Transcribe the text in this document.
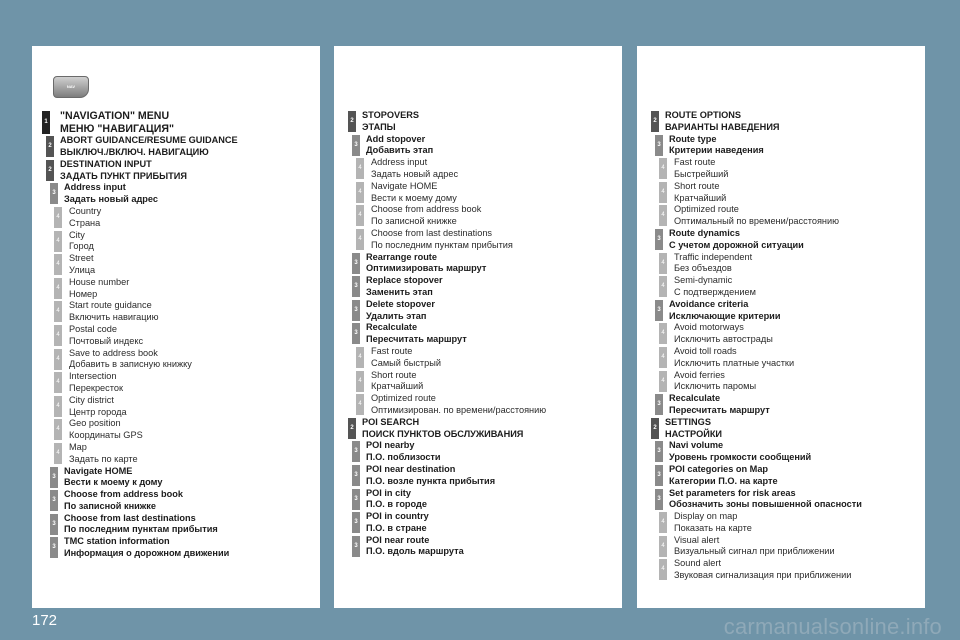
NAV
1 "NAVIGATION" MENU
МЕНЮ "НАВИГАЦИЯ"
2
ABORT GUIDANCE/RESUME GUIDANCE
ВЫКЛЮЧ./ВКЛЮЧ. НАВИГАЦИЮ
2
DESTINATION INPUT
ЗАДАТЬ ПУНКТ ПРИБЫТИЯ
3
Address input
Задать новый адрес
4
Country
Страна
4
City
Город
4
Street
Улица
4
House number
Номер
4
Start route guidance
Включить навигацию
4
Postal code
Почтовый индекс
4
Save to address book
Добавить в записную книжку
4
Intersection
Перекресток
4
City district
Центр города
4
Geo position
Координаты GPS
4
Map
Задать по карте
3
Navigate HOME
Вести к моему к дому
3
Choose from address book
По записной книжке
3
Choose from last destinations
По последним пунктам прибытия
3
TMC station information
Информация о дорожном движении
2
STOPOVERS
ЭТАПЫ
3
Add stopover
Добавить этап
4
Address input
Задать новый адрес
4
Navigate HOME
Вести к моему дому
4
Choose from address book
По записной книжке
4
Choose from last destinations
По последним пунктам прибытия
3
Rearrange route
Оптимизировать маршрут
3
Replace stopover
Заменить этап
3
Delete stopover
Удалить этап
3
Recalculate
Пересчитать маршрут
4
Fast route
Самый быстрый
4
Short route
Кратчайший
4
Optimized route
Оптимизирован. по времени/расстоянию
2
POI SEARCH
ПОИСК ПУНКТОВ ОБСЛУЖИВАНИЯ
3
POI nearby
П.О. поблизости
3
POI near destination
П.О. возле пункта прибытия
3
POI in city
П.О. в городе
3
POI in country
П.О. в стране
3
POI near route
П.О. вдоль маршрута
2
ROUTE OPTIONS
ВАРИАНТЫ НАВЕДЕНИЯ
3
Route type
Критерии наведения
4
Fast route
Быстрейший
4
Short route
Кратчайший
4
Optimized route
Оптимальный по времени/расстоянию
3
Route dynamics
С учетом дорожной ситуации
4
Traffic independent
Без объездов
4
Semi-dynamic
С подтверждением
3
Avoidance criteria
Исключающие критерии
4
Avoid motorways
Исключить автострады
4
Avoid toll roads
Исключить платные участки
4
Avoid ferries
Исключить паромы
3
Recalculate
Пересчитать маршрут
2
SETTINGS
НАСТРОЙКИ
3
Navi volume
Уровень громкости сообщений
3
POI categories on Map
Категории П.О. на карте
3
Set parameters for risk areas
Обозначить зоны повышенной опасности
4
Display on map
Показать на карте
4
Visual alert
Визуальный сигнал при приближении
4
Sound alert
Звуковая сигнализация при приближении
172	carmanualsonline.info
